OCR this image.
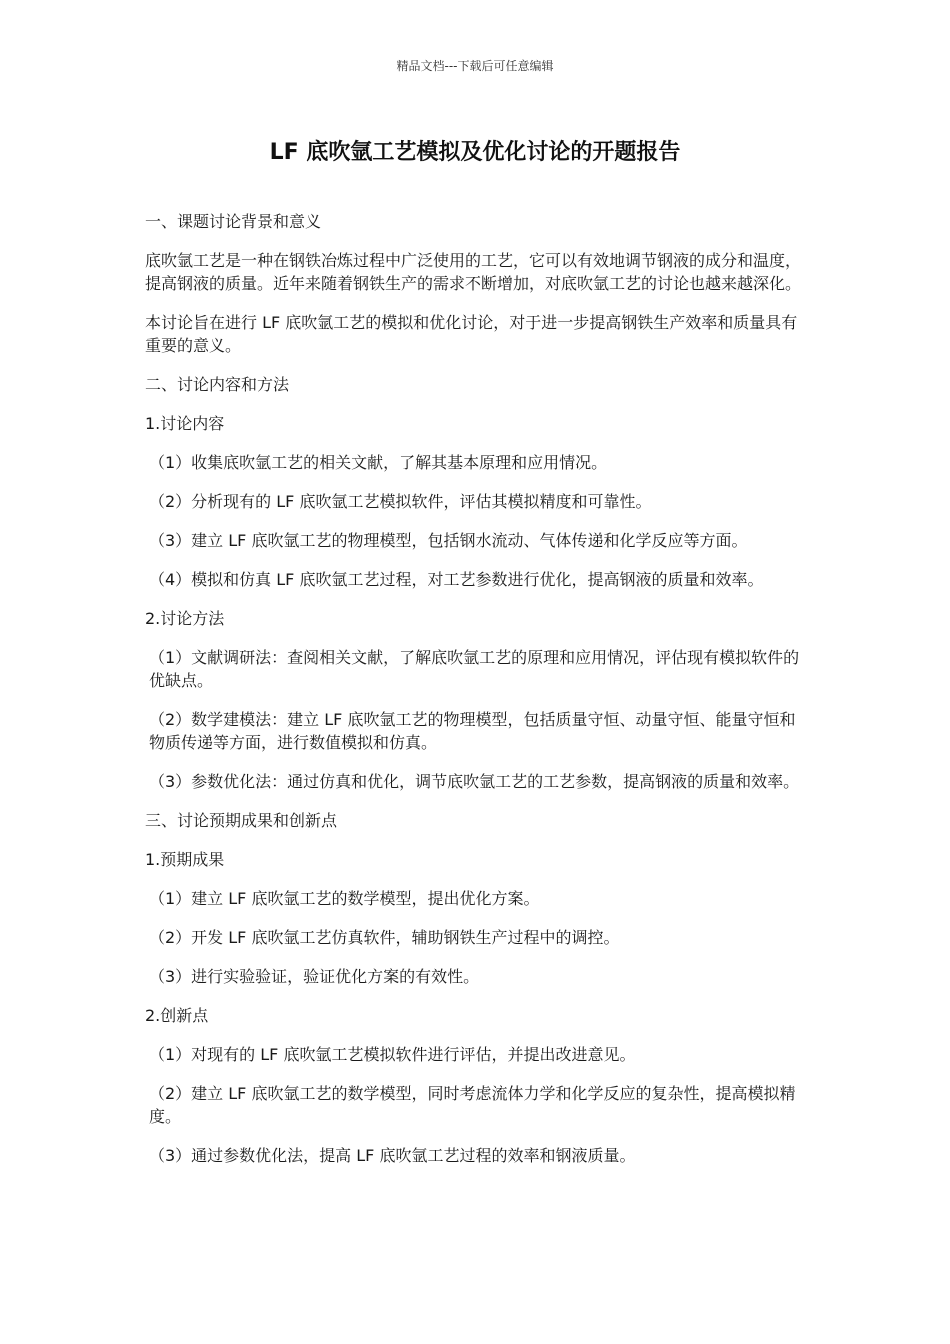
精品文档---下载后可任意编辑
LF 底吹氩工艺模拟及优化讨论的开题报告

一、课题讨论背景和意义

底吹氩工艺是一种在钢铁冶炼过程中广泛使用的工艺，它可以有效地调节钢液的成分和温度，提高钢液的质量。近年来随着钢铁生产的需求不断增加，对底吹氩工艺的讨论也越来越深化。

本讨论旨在进行 LF 底吹氩工艺的模拟和优化讨论，对于进一步提高钢铁生产效率和质量具有重要的意义。

二、讨论内容和方法

1.讨论内容

（1）收集底吹氩工艺的相关文献，了解其基本原理和应用情况。

（2）分析现有的 LF 底吹氩工艺模拟软件，评估其模拟精度和可靠性。

（3）建立 LF 底吹氩工艺的物理模型，包括钢水流动、气体传递和化学反应等方面。

（4）模拟和仿真 LF 底吹氩工艺过程，对工艺参数进行优化，提高钢液的质量和效率。

2.讨论方法

（1）文献调研法：查阅相关文献，了解底吹氩工艺的原理和应用情况，评估现有模拟软件的优缺点。

（2）数学建模法：建立 LF 底吹氩工艺的物理模型，包括质量守恒、动量守恒、能量守恒和物质传递等方面，进行数值模拟和仿真。

（3）参数优化法：通过仿真和优化，调节底吹氩工艺的工艺参数，提高钢液的质量和效率。

三、讨论预期成果和创新点

1.预期成果

（1）建立 LF 底吹氩工艺的数学模型，提出优化方案。

（2）开发 LF 底吹氩工艺仿真软件，辅助钢铁生产过程中的调控。

（3）进行实验验证，验证优化方案的有效性。

2.创新点

（1）对现有的 LF 底吹氩工艺模拟软件进行评估，并提出改进意见。

（2）建立 LF 底吹氩工艺的数学模型，同时考虑流体力学和化学反应的复杂性，提高模拟精度。

（3）通过参数优化法，提高 LF 底吹氩工艺过程的效率和钢液质量。
